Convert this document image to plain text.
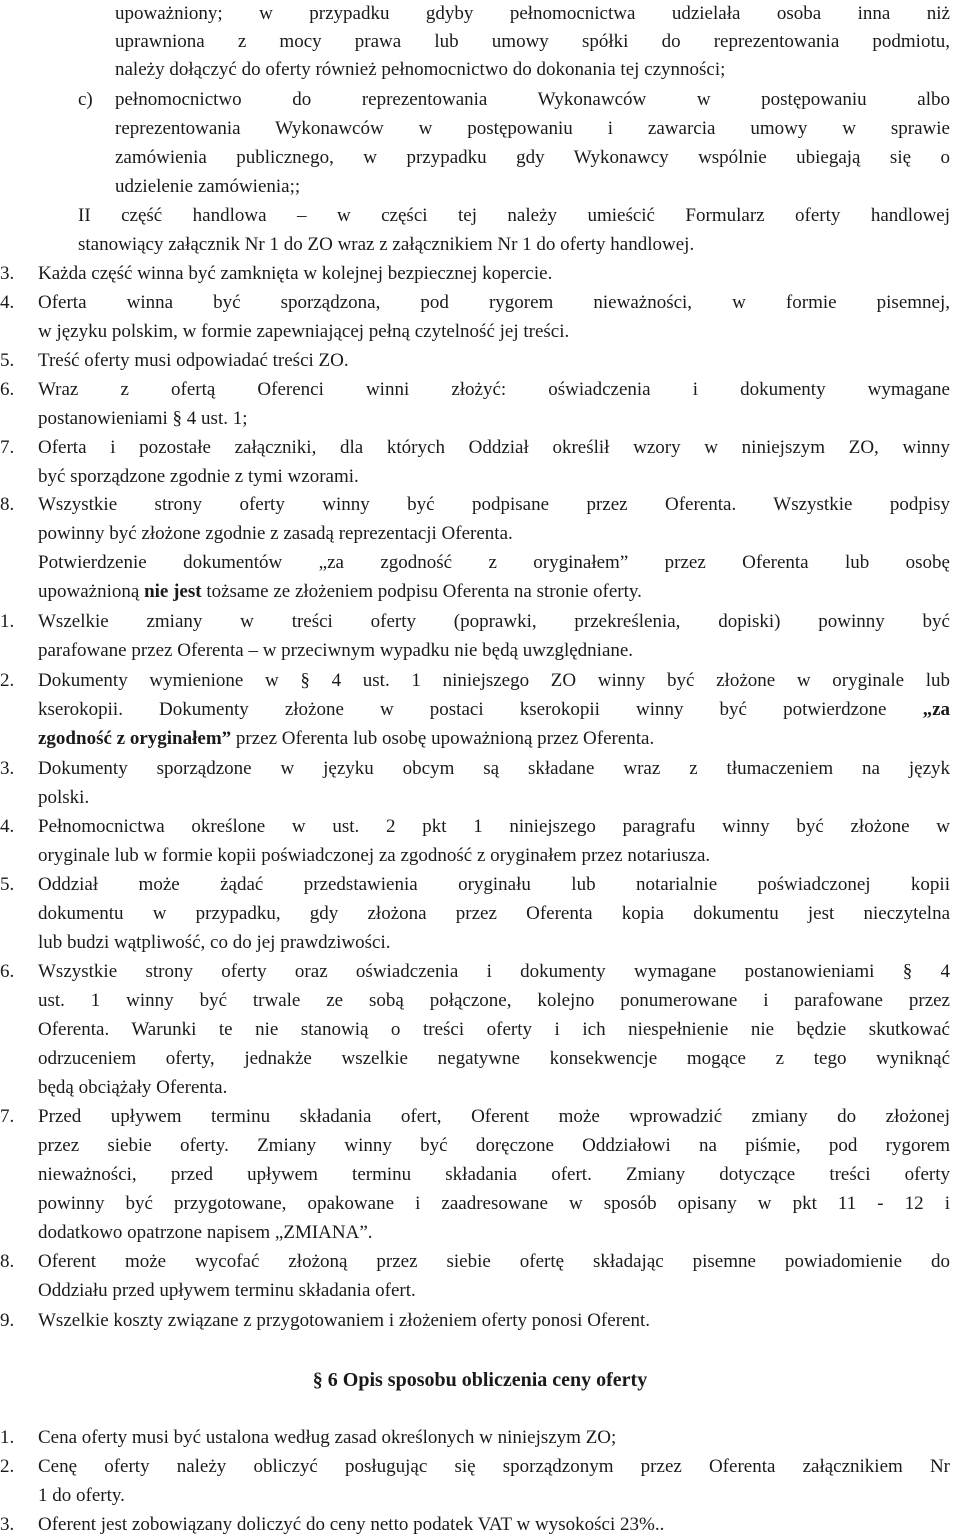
upoważniony; w przypadku gdyby pełnomocnictwa udzielała osoba inna niż
uprawniona z mocy prawa lub umowy spółki do reprezentowania podmiotu,
należy dołączyć do oferty również pełnomocnictwo do dokonania tej czynności;
c) pełnomocnictwo do reprezentowania Wykonawców w postępowaniu albo
reprezentowania Wykonawców w postępowaniu i zawarcia umowy w sprawie
zamówienia publicznego, w przypadku gdy Wykonawcy wspólnie ubiegają się o
udzielenie zamówienia;;
II część handlowa – w części tej należy umieścić Formularz oferty handlowej
stanowiący załącznik Nr 1 do ZO wraz z załącznikiem Nr 1 do oferty handlowej.
3. Każda część winna być zamknięta w kolejnej bezpiecznej kopercie.
4. Oferta winna być sporządzona, pod rygorem nieważności, w formie pisemnej,
w języku polskim, w formie zapewniającej pełną czytelność jej treści.
5. Treść oferty musi odpowiadać treści ZO.
6. Wraz z ofertą Oferenci winni złożyć: oświadczenia i dokumenty wymagane
postanowieniami § 4 ust. 1;
7. Oferta i pozostałe załączniki, dla których Oddział określił wzory w niniejszym ZO, winny
być sporządzone zgodnie z tymi wzorami.
8. Wszystkie strony oferty winny być podpisane przez Oferenta. Wszystkie podpisy
powinny być złożone zgodnie z zasadą reprezentacji Oferenta.
Potwierdzenie dokumentów „za zgodność z oryginałem” przez Oferenta lub osobę
upoważnioną nie jest tożsame ze złożeniem podpisu Oferenta na stronie oferty.
1. Wszelkie zmiany w treści oferty (poprawki, przekreślenia, dopiski) powinny być
parafowane przez Oferenta – w przeciwnym wypadku nie będą uwzględniane.
2. Dokumenty wymienione w § 4 ust. 1 niniejszego ZO winny być złożone w oryginale lub
kserokopii. Dokumenty złożone w postaci kserokopii winny być potwierdzone „za
zgodność z oryginałem” przez Oferenta lub osobę upoważnioną przez Oferenta.
3. Dokumenty sporządzone w języku obcym są składane wraz z tłumaczeniem na język
polski.
4. Pełnomocnictwa określone w ust. 2 pkt 1 niniejszego paragrafu winny być złożone w
oryginale lub w formie kopii poświadczonej za zgodność z oryginałem przez notariusza.
5. Oddział może żądać przedstawienia oryginału lub notarialnie poświadczonej kopii
dokumentu w przypadku, gdy złożona przez Oferenta kopia dokumentu jest nieczytelna
lub budzi wątpliwość, co do jej prawdziwości.
6. Wszystkie strony oferty oraz oświadczenia i dokumenty wymagane postanowieniami § 4
ust. 1 winny być trwale ze sobą połączone, kolejno ponumerowane i parafowane przez
Oferenta. Warunki te nie stanowią o treści oferty i ich niespełnienie nie będzie skutkować
odrzuceniem oferty, jednakże wszelkie negatywne konsekwencje mogące z tego wyniknąć
będą obciążały Oferenta.
7. Przed upływem terminu składania ofert, Oferent może wprowadzić zmiany do złożonej
przez siebie oferty. Zmiany winny być doręczone Oddziałowi na piśmie, pod rygorem
nieważności, przed upływem terminu składania ofert. Zmiany dotyczące treści oferty
powinny być przygotowane, opakowane i zaadresowane w sposób opisany w pkt 11 - 12 i
dodatkowo opatrzone napisem „ZMIANA”.
8. Oferent może wycofać złożoną przez siebie ofertę składając pisemne powiadomienie do
Oddziału przed upływem terminu składania ofert.
9. Wszelkie koszty związane z przygotowaniem i złożeniem oferty ponosi Oferent.
§ 6 Opis sposobu obliczenia ceny oferty
1. Cena oferty musi być ustalona według zasad określonych w niniejszym ZO;
2. Cenę oferty należy obliczyć posługując się sporządzonym przez Oferenta załącznikiem Nr
1 do oferty.
3. Oferent jest zobowiązany doliczyć do ceny netto podatek VAT w wysokości 23%..
